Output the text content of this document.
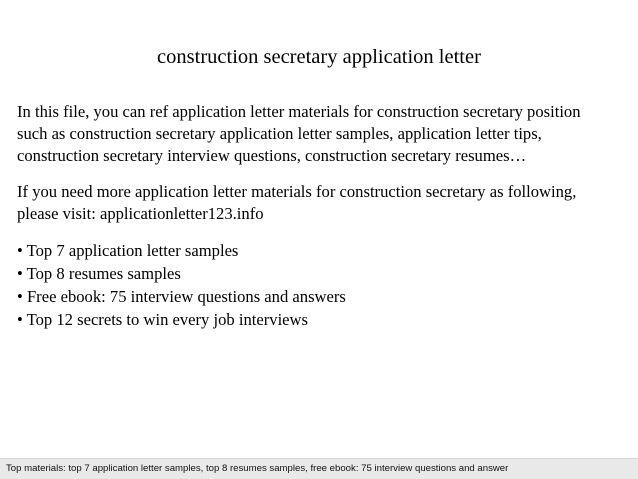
construction secretary application letter

In this file, you can ref application letter materials for construction secretary position
such as construction secretary application letter samples, application letter tips,
construction secretary interview questions, construction secretary resumes…

If you need more application letter materials for construction secretary as following,
please visit: applicationletter123.info

• Top 7 application letter samples
• Top 8 resumes samples
• Free ebook: 75 interview questions and answers
• Top 12 secrets to win every job interviews
Top materials: top 7 application letter samples, top 8 resumes samples, free ebook: 75 interview questions and answer
